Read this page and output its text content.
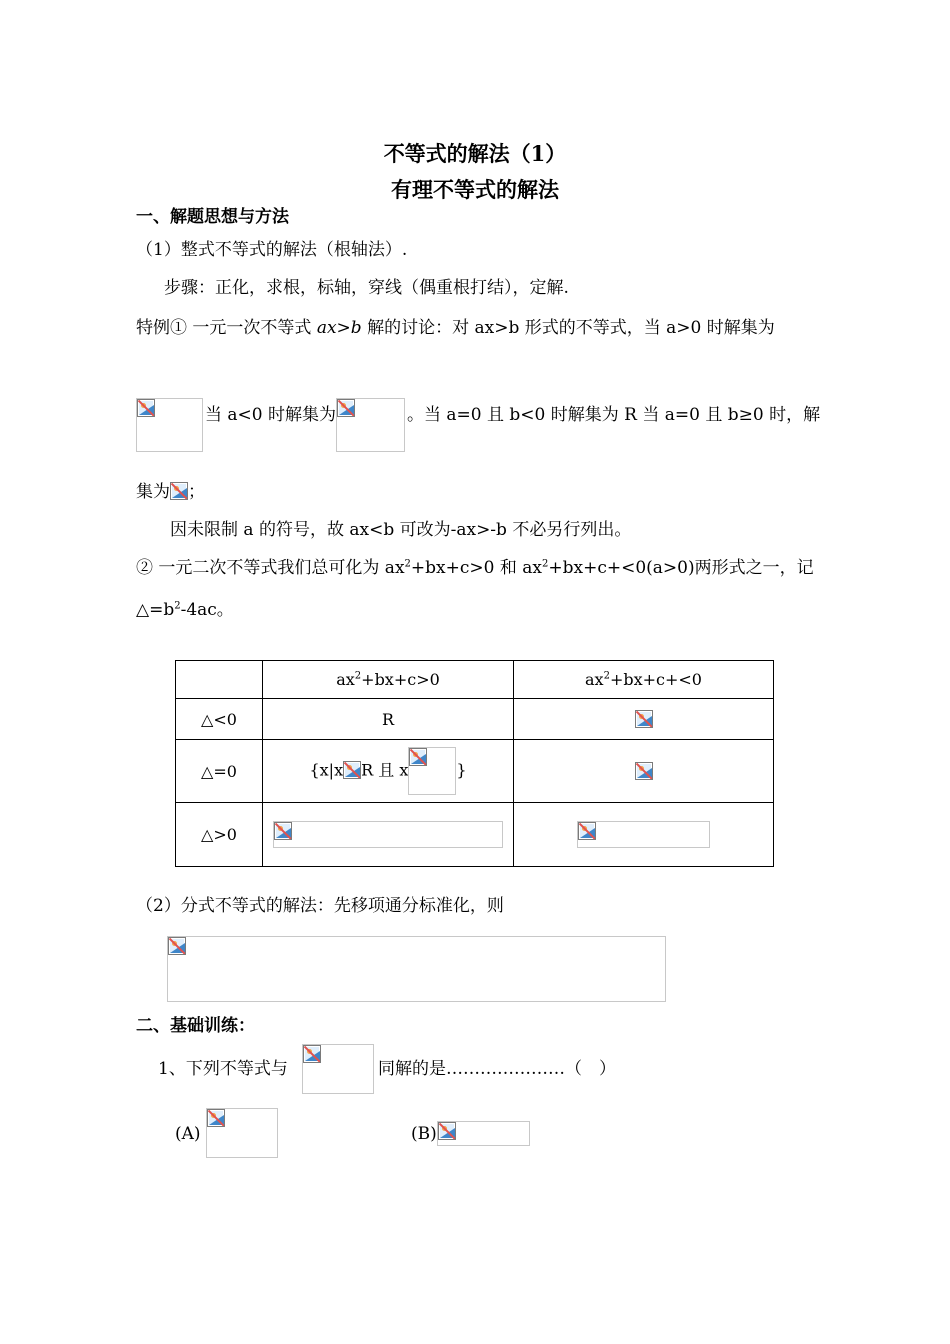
不等式的解法（1）
有理不等式的解法
一、解题思想与方法
（1）整式不等式的解法（根轴法）.
步骤：正化，求根，标轴，穿线（偶重根打结），定解.
特例① 一元一次不等式 ax>b 解的讨论：对 ax>b 形式的不等式，当 a>0 时解集为
当 a<0 时解集为	。当 a=0 且 b<0 时解集为 R 当 a=0 且 b≥0 时，解
集为 ；
因未限制 a 的符号，故 ax<b 可改为-ax>-b 不必另行列出。
② 一元二次不等式我们总可化为 $ax^2+bx+c>0$ 和 $ax^2+bx+c+<0(a>0)$两形式之一，记
$\triangle=b^2-4ac$。
	$ax^2+bx+c>0$	$ax^2+bx+c+<0$
△<0	R	

△=0	{x|x R 且 x }	

△>0	

（2）分式不等式的解法：先移项通分标准化，则
二、基础训练：
1、下列不等式与	同解的是…………………（　）
(A)	(B)
